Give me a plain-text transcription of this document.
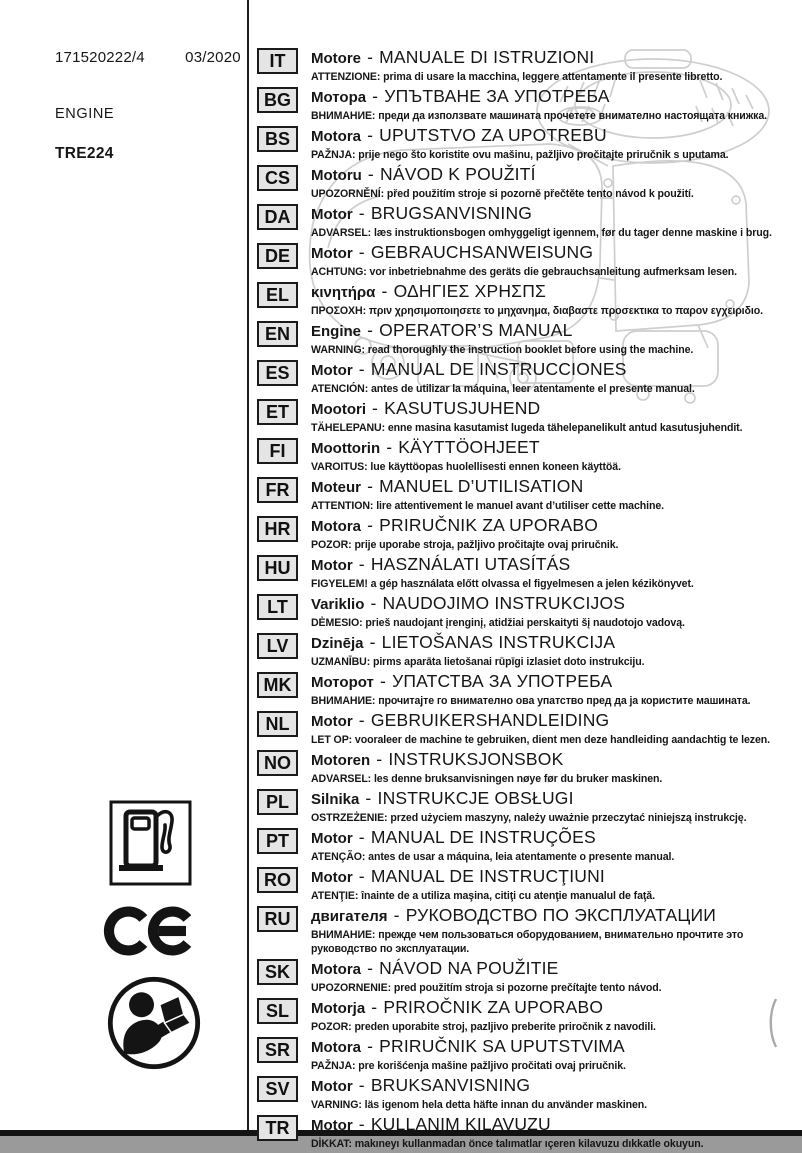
171520222/4	03/2020
ENGINE
TRE224
IT	Motore - MANUALE DI ISTRUZIONI
ATTENZIONE: prima di usare la macchina, leggere attentamente il presente libretto.
BG	Мотора - УПЪТВАНЕ ЗА УПОТРЕБА
ВНИМАНИЕ: преди да използвате машината прочетете внимателно настоящата книжка.
BS	Motora - UPUTSTVO ZA UPOTREBU
PAŽNJA: prije nego što koristite ovu mašinu, pažljivo pročitajte priručnik s uputama.
CS	Motoru - NÁVOD K POUŽITÍ
UPOZORNĚNÍ: před použitím stroje si pozorně přečtěte tento návod k použití.
DA	Motor - BRUGSANVISNING
ADVARSEL: læs instruktionsbogen omhyggeligt igennem, før du tager denne maskine i brug.
DE	Motor - GEBRAUCHSANWEISUNG
ACHTUNG: vor inbetriebnahme des geräts die gebrauchsanleitung aufmerksam lesen.
EL	κινητήρα - ΟΔΗΓΙΕΣ ΧΡΗΣΠΣ
ΠΡΟΣΟΧΗ: πριν χρησιμοποιησετε το μηχανημα, διαβαστε προσεκτικα το παρον εγχειριδιο.
EN	Engine - OPERATOR’S MANUAL
WARNING: read thoroughly the instruction booklet before using the machine.
ES	Motor - MANUAL DE INSTRUCCIONES
ATENCIÓN: antes de utilizar la máquina, leer atentamente el presente manual.
ET	Mootori - KASUTUSJUHEND
TÄHELEPANU: enne masina kasutamist lugeda tähelepanelikult antud kasutusjuhendit.
FI	Moottorin - KÄYTTÖOHJEET
VAROITUS: lue käyttöopas huolellisesti ennen koneen käyttöä.
FR	Moteur - MANUEL D’UTILISATION
ATTENTION: lire attentivement le manuel avant d’utiliser cette machine.
HR	Motora - PRIRUČNIK ZA UPORABO
POZOR: prije uporabe stroja, pažljivo pročitajte ovaj priručnik.
HU	Motor - HASZNÁLATI UTASÍTÁS
FIGYELEM! a gép használata előtt olvassa el figyelmesen a jelen kézikönyvet.
LT	Variklio - NAUDOJIMO INSTRUKCIJOS
DĖMESIO: prieš naudojant įrenginį, atidžiai perskaityti šį naudotojo vadovą.
LV	Dzinēja - LIETOŠANAS INSTRUKCIJA
UZMANĪBU: pirms aparāta lietošanai rūpīgi izlasiet doto instrukciju.
MK	Моторот - УПАТСТВА ЗА УПОТРЕБА
ВНИМАНИЕ: прочитајте го внимателно ова упатство пред да ја користите машината.
NL	Motor - GEBRUIKERSHANDLEIDING
LET OP: vooraleer de machine te gebruiken, dient men deze handleiding aandachtig te lezen.
NO	Motoren - INSTRUKSJONSBOK
ADVARSEL: les denne bruksanvisningen nøye før du bruker maskinen.
PL	Silnika - INSTRUKCJE OBSŁUGI
OSTRZEŻENIE: przed użyciem maszyny, należy uważnie przeczytać niniejszą instrukcję.
PT	Motor - MANUAL DE INSTRUÇÕES
ATENÇÃO: antes de usar a máquina, leia atentamente o presente manual.
RO	Motor - MANUAL DE INSTRUCŢIUNI
ATENŢIE: înainte de a utiliza maşina, citiţi cu atenţie manualul de faţă.
RU	двигателя - РУКОВОДСТВО ПО ЭКСПЛУАТАЦИИ
ВНИМАНИЕ: прежде чем пользоваться оборудованием, внимательно прочтите это руководство по эксплуатации.
SK	Motora - NÁVOD NA POUŽITIE
UPOZORNENIE: pred použitím stroja si pozorne prečítajte tento návod.
SL	Motorja - PRIROČNIK ZA UPORABO
POZOR: preden uporabite stroj, pazljivo preberite priročnik z navodili.
SR	Motora - PRIRUČNIK SA UPUTSTVIMA
PAŽNJA: pre korišćenja mašine pažljivo pročitati ovaj priručnik.
SV	Motor - BRUKSANVISNING
VARNING: läs igenom hela detta häfte innan du använder maskinen.
TR	Motor - KULLANIM KILAVUZU
DİKKAT: makıneyı kullanmadan önce talımatlar ıçeren kilavuzu dıkkatle okuyun.
